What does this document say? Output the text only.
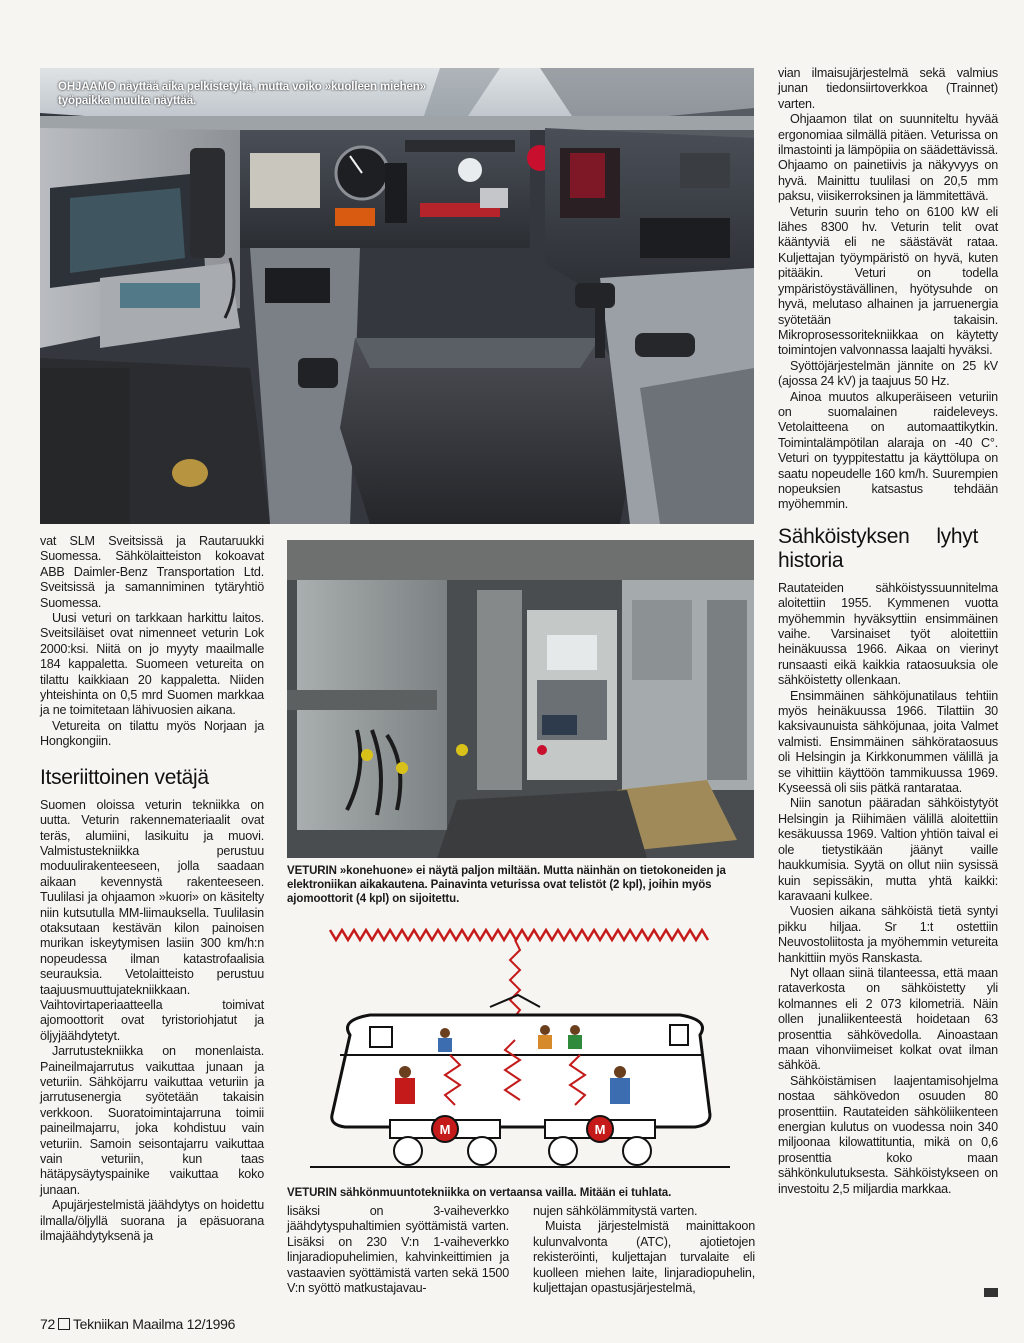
OHJAAMO näyttää aika pelkistetyltä, mutta voiko »kuolleen miehen» työpaikka muulta näyttää.

vian ilmaisujärjestelmä sekä valmius junan tiedonsiirtoverkkoa (Trainnet) varten.

Ohjaamon tilat on suunniteltu hyvää ergonomiaa silmällä pitäen. Veturissa on ilmastointi ja lämpöpiia on säädettävissä. Ohjaamo on painetiivis ja näkyvyys on hyvä. Mainittu tuulilasi on 20,5 mm paksu, viisikerroksinen ja lämmitettävä.

Veturin suurin teho on 6100 kW eli lähes 8300 hv. Veturin telit ovat kääntyviä eli ne säästävät rataa. Kuljettajan työympäristö on hyvä, kuten pitääkin. Veturi on todella ympäristöystävällinen, hyötysuhde on hyvä, melutaso alhainen ja jarruenergia syötetään takaisin. Mikroprosessoritekniikkaa on käytetty toimintojen valvonnassa laajalti hyväksi.

Syöttöjärjestelmän jännite on 25 kV (ajossa 24 kV) ja taajuus 50 Hz.

Ainoa muutos alkuperäiseen veturiin on suomalainen raideleveys. Vetolaitteena on automaattikytkin. Toimintalämpötilan alaraja on -40 C°. Veturi on tyyppitestattu ja käyttölupa on saatu nopeudelle 160 km/h. Suurempien nopeuksien katsastus tehdään myöhemmin.

Sähköistyksen lyhyt historia

Rautateiden sähköistyssuunnitelma aloitettiin 1955. Kymmenen vuotta myöhemmin hyväksyttiin ensimmäinen vaihe. Varsinaiset työt aloitettiin heinäkuussa 1966. Aikaa on vierinyt runsaasti eikä kaikkia rataosuuksia ole sähköistetty ollenkaan.

Ensimmäinen sähköjunatilaus tehtiin myös heinäkuussa 1966. Tilattiin 30 kaksivaunuista sähköjunaa, joita Valmet valmisti. Ensimmäinen sähkörataosuus oli Helsingin ja Kirkkonummen välillä ja se vihittiin käyttöön tammikuussa 1969. Kyseessä oli siis pätkä rantarataa.

Niin sanotun pääradan sähköistytyöt Helsingin ja Riihimäen välillä aloitettiin kesäkuussa 1969. Valtion yhtiön taival ei ole tietystikään jäänyt vaille haukkumisia. Syytä on ollut niin sysissä kuin sepissäkin, mutta yhtä kaikki: karavaani kulkee.

Vuosien aikana sähköistä tietä syntyi pikku hiljaa. Sr 1:t ostettiin Neuvostoliitosta ja myöhemmin vetureita hankittiin myös Ranskasta.

Nyt ollaan siinä tilanteessa, että maan rataverkosta on sähköistetty yli kolmannes eli 2 073 kilometriä. Näin ollen junaliikenteestä hoidetaan 63 prosenttia sähkövedolla. Ainoastaan maan vihonviimeiset kolkat ovat ilman sähköä.

Sähköistämisen laajentamisohjelma nostaa sähkövedon osuuden 80 prosenttiin. Rautateiden sähköliikenteen energian kulutus on vuodessa noin 340 miljoonaa kilowattituntia, mikä on 0,6 prosenttia koko maan sähkönkulutuksesta. Sähköistykseen on investoitu 2,5 miljardia markkaa.

vat SLM Sveitsissä ja Rautaruukki Suomessa. Sähkölaitteiston kokoavat ABB Daimler-Benz Transportation Ltd. Sveitsissä ja samanniminen tytäryhtiö Suomessa.

Uusi veturi on tarkkaan harkittu laitos. Sveitsiläiset ovat nimenneet veturin Lok 2000:ksi. Niitä on jo myyty maailmalle 184 kappaletta. Suomeen vetureita on tilattu kaikkiaan 20 kappaletta. Niiden yhteishinta on 0,5 mrd Suomen markkaa ja ne toimitetaan lähivuosien aikana.

Vetureita on tilattu myös Norjaan ja Hongkongiin.

Itseriittoinen vetäjä

Suomen oloissa veturin tekniikka on uutta. Veturin rakennemateriaalit ovat teräs, alumiini, lasikuitu ja muovi. Valmistustekniikka perustuu moduulirakenteeseen, jolla saadaan aikaan kevennystä rakenteeseen. Tuulilasi ja ohjaamon »kuori» on käsitelty niin kutsutulla MM-liimauksella. Tuulilasin otaksutaan kestävän kilon painoisen murikan iskeytymisen lasiin 300 km/h:n nopeudessa ilman katastrofaalisia seurauksia. Vetolaitteisto perustuu taajuusmuuttujatekniikkaan. Vaihtovirtaperiaatteella toimivat ajomoottorit ovat tyristoriohjatut ja öljyjäähdytetyt.

Jarrutustekniikka on monenlaista. Paineilmajarrutus vaikuttaa junaan ja veturiin. Sähköjarru vaikuttaa veturiin ja jarrutusenergia syötetään takaisin verkkoon. Suoratoimintajarruna toimii paineilmajarru, joka kohdistuu vain veturiin. Samoin seisontajarru vaikuttaa vain veturiin, kun taas hätäpysäytyspainike vaikuttaa koko junaan.

Apujärjestelmistä jäähdytys on hoidettu ilmalla/öljyllä suorana ja epäsuorana ilmajäähdytyksenä ja

VETURIN »konehuone» ei näytä paljon miltään. Mutta näinhän on tietokoneiden ja elektroniikan aikakautena. Painavinta veturissa ovat telistöt (2 kpl), joihin myös ajomoottorit (4 kpl) on sijoitettu.
M	M
VETURIN sähkönmuuntotekniikka on vertaansa vailla. Mitään ei tuhlata.

lisäksi on 3-vaiheverkko jäähdytyspuhaltimien syöttämistä varten. Lisäksi on 230 V:n 1-vaiheverkko linjaradiopuhelimien, kahvinkeittimien ja vastaavien syöttämistä varten sekä 1500 V:n syöttö matkustajavau-

nujen sähkölämmitystä varten.

Muista järjestelmistä mainittakoon kulunvalvonta (ATC), ajotietojen rekisteröinti, kuljettajan turvalaite eli kuolleen miehen laite, linjaradiopuhelin, kuljettajan opastusjärjestelmä,

72 Tekniikan Maailma 12/1996
